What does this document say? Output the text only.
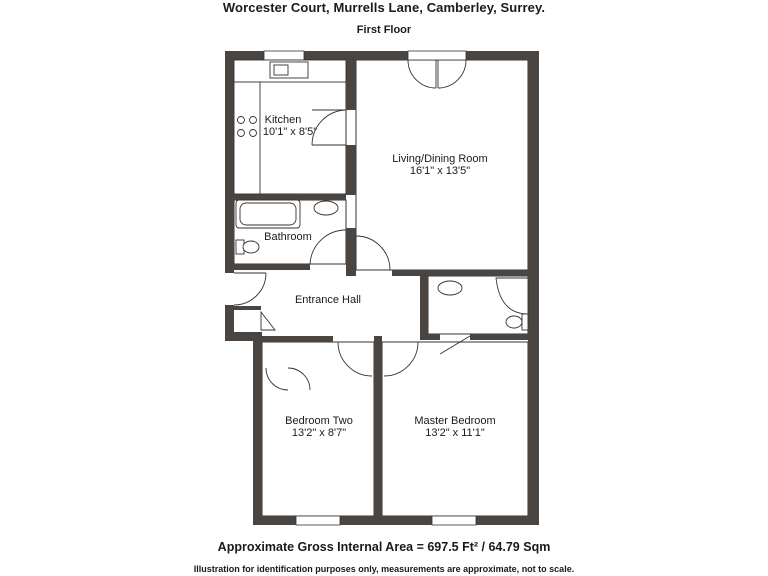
Worcester Court, Murrells Lane, Camberley, Surrey.
First Floor
Kitchen
10'1" x 8'5"
Living/Dining Room
16'1" x 13'5"
Bathroom
Entrance Hall
Bedroom Two
13'2" x 8'7"
Master Bedroom
13'2" x 11'1"
Approximate Gross Internal Area = 697.5 Ft² / 64.79 Sqm
Illustration for identification purposes only, measurements are approximate, not to scale.
